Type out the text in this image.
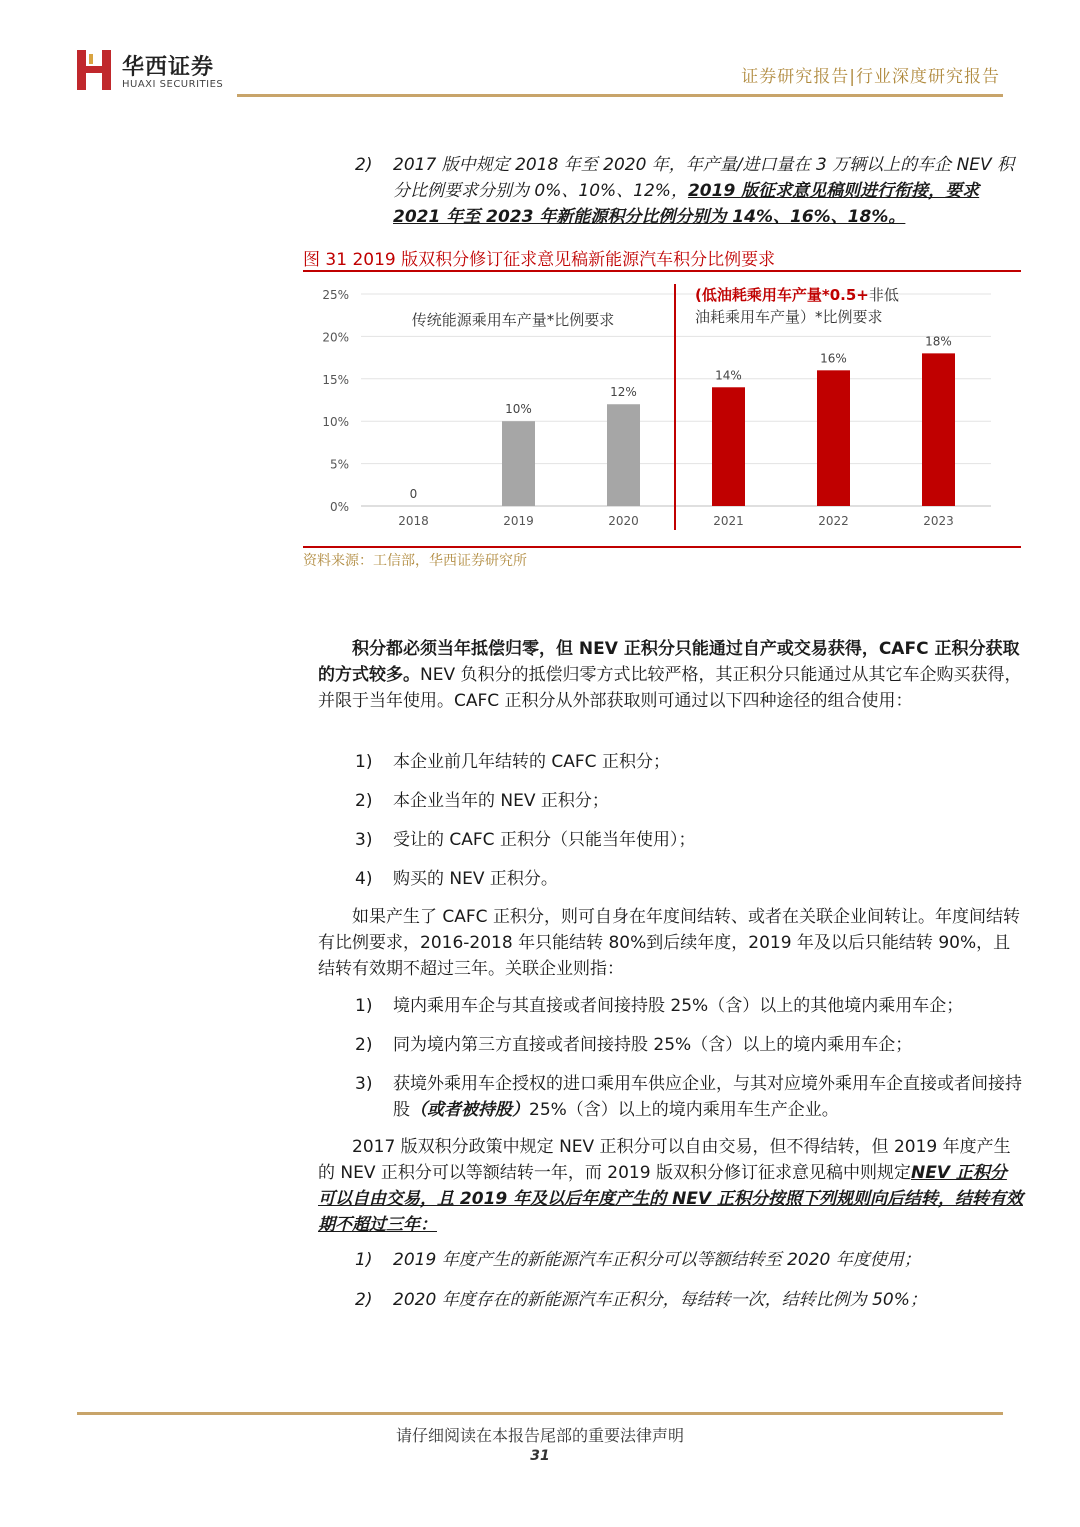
华西证券
HUAXI SECURITIES	证券研究报告|行业深度研究报告
2) 2017 版中规定 2018 年至 2020 年，年产量/进口量在 3 万辆以上的车企 NEV 积分比例要求分别为 0%、10%、12%，2019 版征求意见稿则进行衔接，要求 2021 年至 2023 年新能源积分比例分别为 14%、16%、18%。
图 31 2019 版双积分修订征求意见稿新能源汽车积分比例要求
0%
5%
10%
15%
20%
25%
0
10%
12%
14%
16%
18%
2018	2019	2020	2021	2022	2023
传统能源乘用车产量*比例要求
(低油耗乘用车产量*0.5+非低
油耗乘用车产量）*比例要求
资料来源：工信部，华西证券研究所
积分都必须当年抵偿归零，但 NEV 正积分只能通过自产或交易获得，CAFC 正积分获取的方式较多。NEV 负积分的抵偿归零方式比较严格，其正积分只能通过从其它车企购买获得，并限于当年使用。CAFC 正积分从外部获取则可通过以下四种途径的组合使用：
1) 本企业前几年结转的 CAFC 正积分；
2) 本企业当年的 NEV 正积分；
3) 受让的 CAFC 正积分（只能当年使用）；
4) 购买的 NEV 正积分。
如果产生了 CAFC 正积分，则可自身在年度间结转、或者在关联企业间转让。年度间结转有比例要求，2016-2018 年只能结转 80%到后续年度，2019 年及以后只能结转 90%，且结转有效期不超过三年。关联企业则指：
1) 境内乘用车企与其直接或者间接持股 25%（含）以上的其他境内乘用车企；
2) 同为境内第三方直接或者间接持股 25%（含）以上的境内乘用车企；
3) 获境外乘用车企授权的进口乘用车供应企业，与其对应境外乘用车企直接或者间接持股（或者被持股）25%（含）以上的境内乘用车生产企业。
2017 版双积分政策中规定 NEV 正积分可以自由交易，但不得结转，但 2019 年度产生的 NEV 正积分可以等额结转一年，而 2019 版双积分修订征求意见稿中则规定NEV 正积分可以自由交易，且 2019 年及以后年度产生的 NEV 正积分按照下列规则向后结转，结转有效期不超过三年：
1) 2019 年度产生的新能源汽车正积分可以等额结转至 2020 年度使用；
2) 2020 年度存在的新能源汽车正积分，每结转一次，结转比例为 50%；
请仔细阅读在本报告尾部的重要法律声明
31
